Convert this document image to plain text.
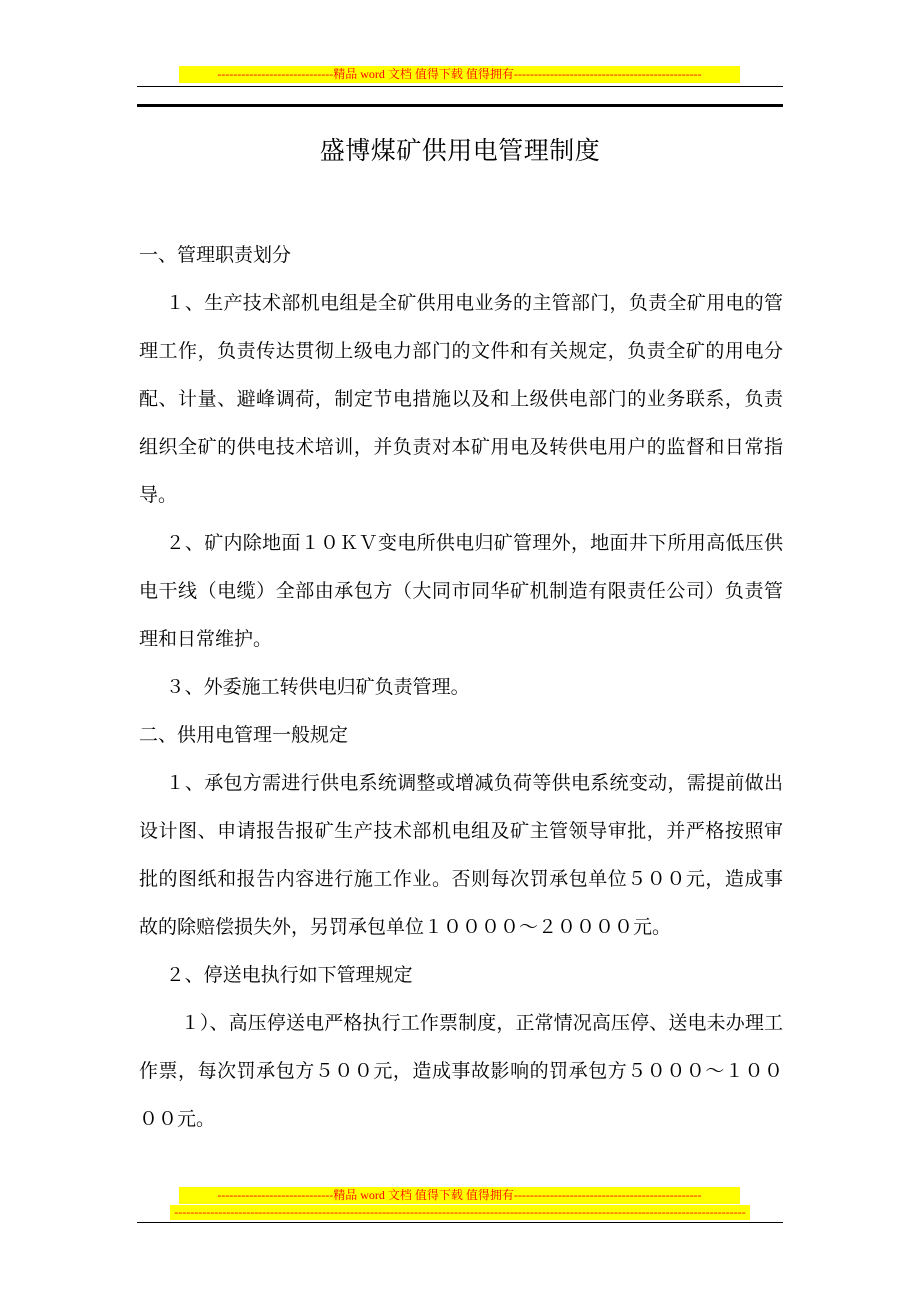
-----------------------------精品 word 文档 值得下载 值得拥有-----------------------------------------------
盛博煤矿供用电管理制度

一、管理职责划分

１、生产技术部机电组是全矿供用电业务的主管部门，负责全矿用电的管理工作，负责传达贯彻上级电力部门的文件和有关规定，负责全矿的用电分配、计量、避峰调荷，制定节电措施以及和上级供电部门的业务联系，负责组织全矿的供电技术培训，并负责对本矿用电及转供电用户的监督和日常指导。

２、矿内除地面１０ＫＶ变电所供电归矿管理外，地面井下所用高低压供电干线（电缆）全部由承包方（大同市同华矿机制造有限责任公司）负责管理和日常维护。

３、外委施工转供电归矿负责管理。

二、供用电管理一般规定

１、承包方需进行供电系统调整或增减负荷等供电系统变动，需提前做出设计图、申请报告报矿生产技术部机电组及矿主管领导审批，并严格按照审批的图纸和报告内容进行施工作业。否则每次罚承包单位５００元，造成事故的除赔偿损失外，另罚承包单位１００００～２００００元。

２、停送电执行如下管理规定

１）、高压停送电严格执行工作票制度，正常情况高压停、送电未办理工作票，每次罚承包方５００元，造成事故影响的罚承包方５０００～１００００元。

-----------------------------精品 word 文档 值得下载 值得拥有-----------------------------------------------
-----------------------------------------------------------------------------------------------------------------------------------------------
